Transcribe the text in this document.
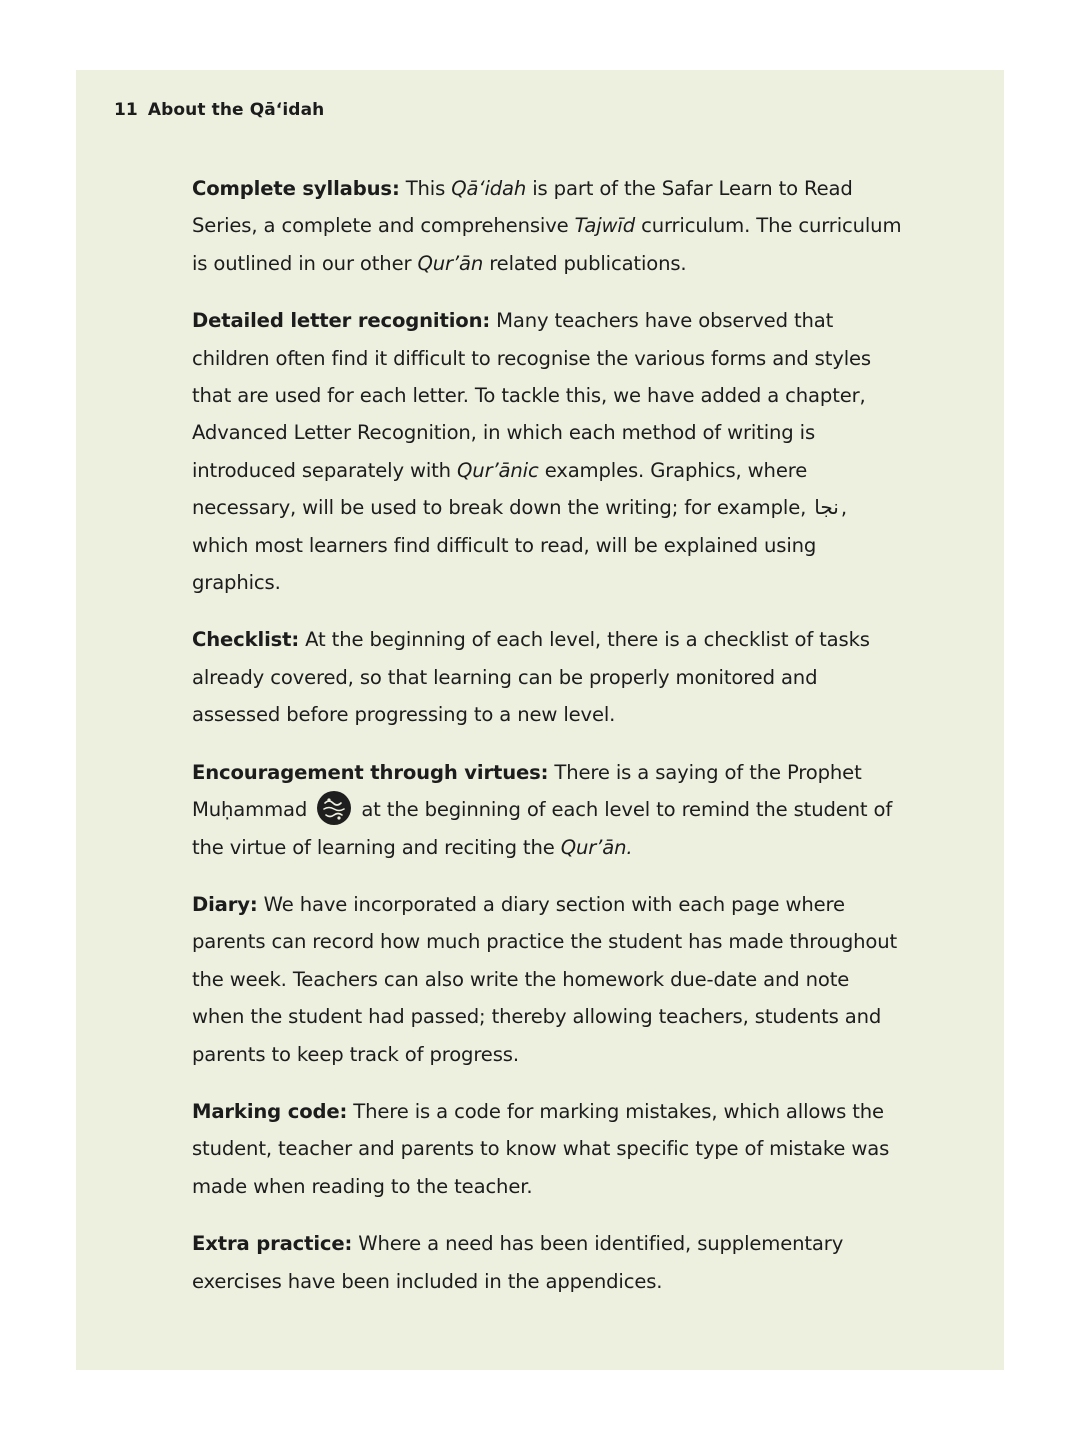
11 About the Qā‘idah

Complete syllabus: This Qā‘idah is part of the Safar Learn to Read Series, a complete and comprehensive Tajwīd curriculum. The curriculum is outlined in our other Qur’ān related publications.

Detailed letter recognition: Many teachers have observed that children often find it difficult to recognise the various forms and styles that are used for each letter. To tackle this, we have added a chapter, Advanced Letter Recognition, in which each method of writing is introduced separately with Qur’ānic examples. Graphics, where necessary, will be used to break down the writing; for example, نجا , which most learners find difficult to read, will be explained using graphics.

Checklist: At the beginning of each level, there is a checklist of tasks already covered, so that learning can be properly monitored and assessed before progressing to a new level.

Encouragement through virtues: There is a saying of the Prophet Muḥammad
at the beginning of each level to remind the student of the virtue of learning and reciting the Qur’ān.

Diary: We have incorporated a diary section with each page where parents can record how much practice the student has made throughout the week. Teachers can also write the homework due-date and note when the student had passed; thereby allowing teachers, students and parents to keep track of progress.

Marking code: There is a code for marking mistakes, which allows the student, teacher and parents to know what specific type of mistake was made when reading to the teacher.

Extra practice: Where a need has been identified, supplementary exercises have been included in the appendices.
